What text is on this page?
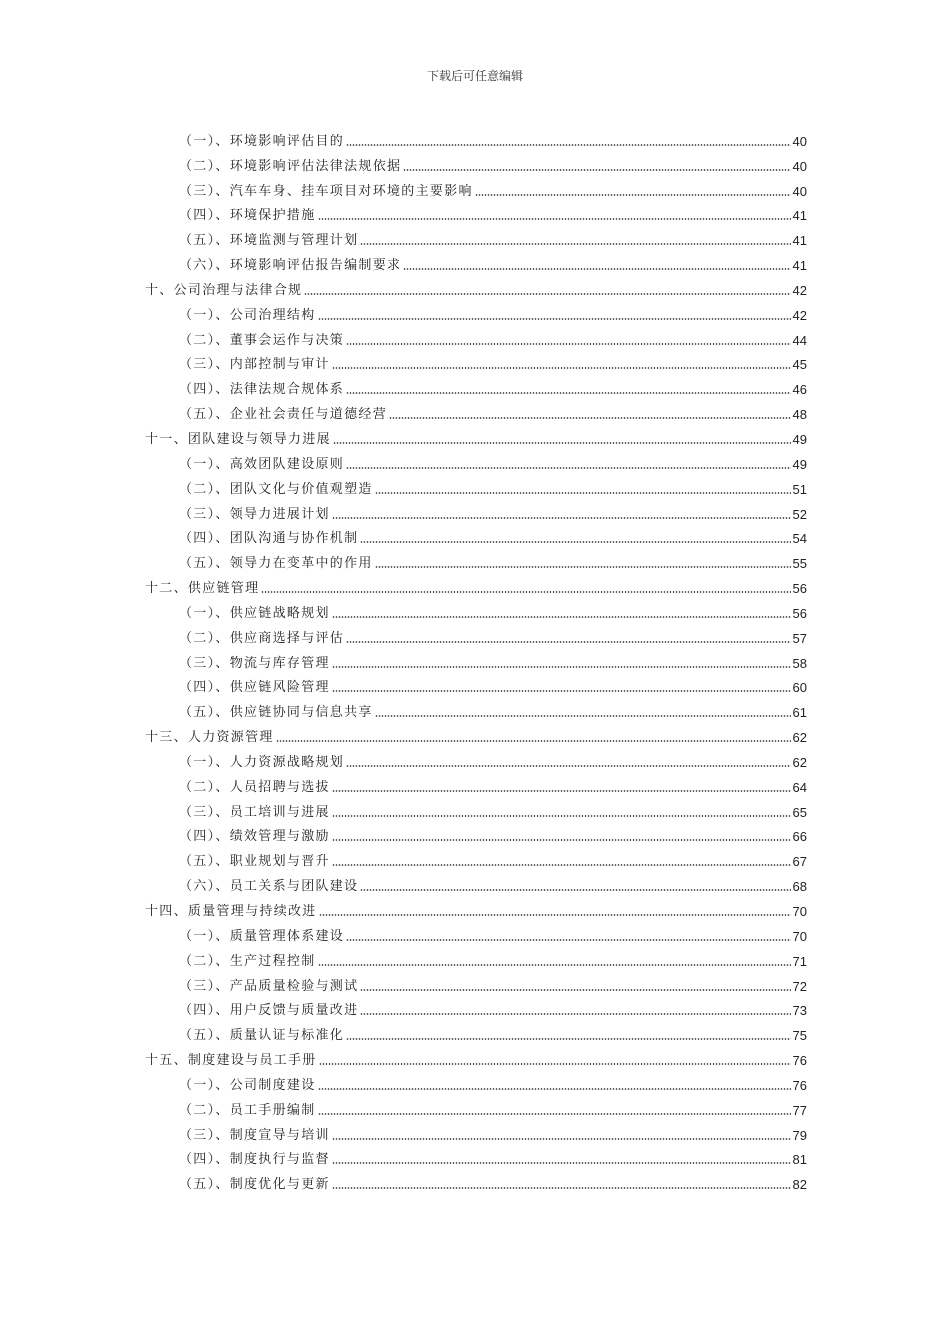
下载后可任意编辑
（一）、环境影响评估目的	40
（二）、环境影响评估法律法规依据	40
（三）、汽车车身、挂车项目对环境的主要影响	40
（四）、环境保护措施	41
（五）、环境监测与管理计划	41
（六）、环境影响评估报告编制要求	41
十、公司治理与法律合规	42
（一）、公司治理结构	42
（二）、董事会运作与决策	44
（三）、内部控制与审计	45
（四）、法律法规合规体系	46
（五）、企业社会责任与道德经营	48
十一、团队建设与领导力进展	49
（一）、高效团队建设原则	49
（二）、团队文化与价值观塑造	51
（三）、领导力进展计划	52
（四）、团队沟通与协作机制	54
（五）、领导力在变革中的作用	55
十二、供应链管理	56
（一）、供应链战略规划	56
（二）、供应商选择与评估	57
（三）、物流与库存管理	58
（四）、供应链风险管理	60
（五）、供应链协同与信息共享	61
十三、人力资源管理	62
（一）、人力资源战略规划	62
（二）、人员招聘与选拔	64
（三）、员工培训与进展	65
（四）、绩效管理与激励	66
（五）、职业规划与晋升	67
（六）、员工关系与团队建设	68
十四、质量管理与持续改进	70
（一）、质量管理体系建设	70
（二）、生产过程控制	71
（三）、产品质量检验与测试	72
（四）、用户反馈与质量改进	73
（五）、质量认证与标准化	75
十五、制度建设与员工手册	76
（一）、公司制度建设	76
（二）、员工手册编制	77
（三）、制度宣导与培训	79
（四）、制度执行与监督	81
（五）、制度优化与更新	82
